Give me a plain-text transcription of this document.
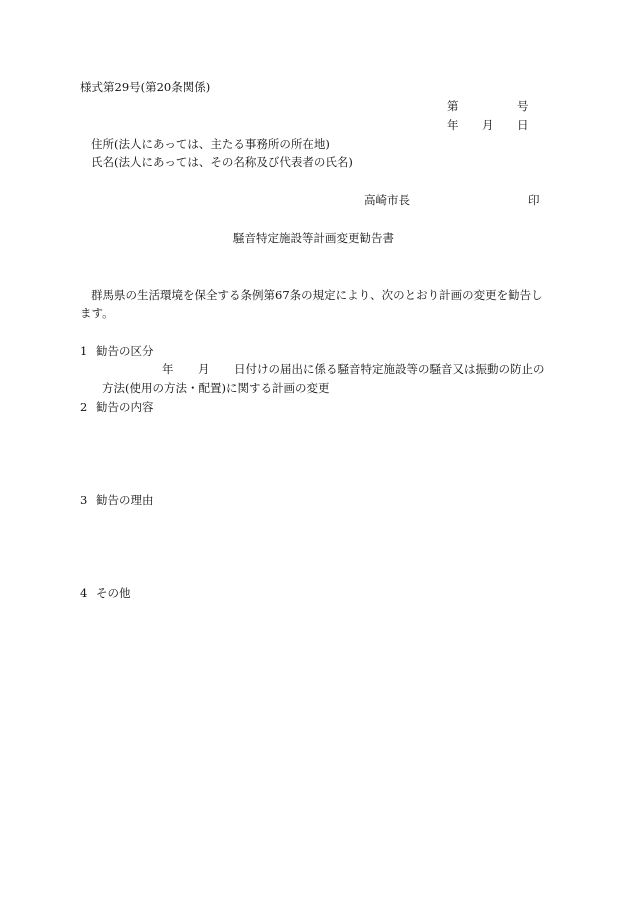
様式第29号(第20条関係)
第	号
年 月 日
住所(法人にあっては、主たる事務所の所在地)
氏名(法人にあっては、その名称及び代表者の氏名)
高崎市長	印
騒音特定施設等計画変更勧告書
群馬県の生活環境を保全する条例第67条の規定により、次のとおり計画の変更を勧告し
ます。
1 勧告の区分
年 月 日付けの届出に係る騒音特定施設等の騒音又は振動の防止の
方法(使用の方法・配置)に関する計画の変更
2 勧告の内容
3 勧告の理由
4 その他
